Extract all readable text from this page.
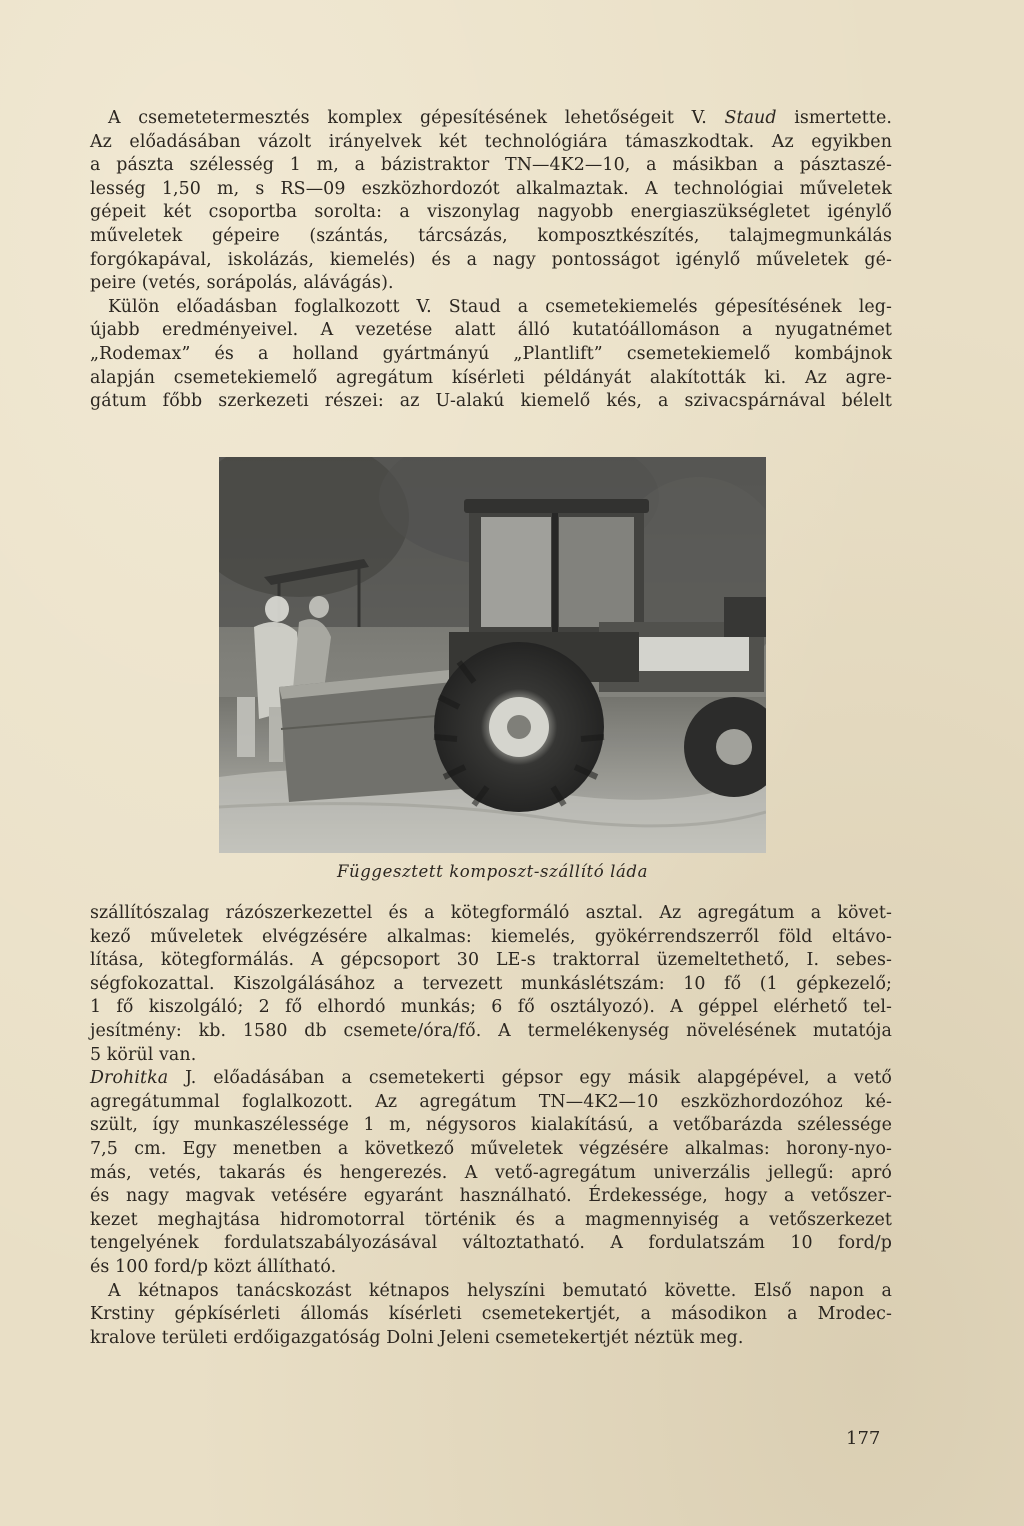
A csemetetermesztés komplex gépesítésének lehetőségeit V. Staud ismertette.
Az előadásában vázolt irányelvek két technológiára támaszkodtak. Az egyikben
a pászta szélesség 1 m, a bázistraktor TN—4K2—10, a másikban a pásztaszé-
lesség 1,50 m, s RS—09 eszközhordozót alkalmaztak. A technológiai műveletek
gépeit két csoportba sorolta: a viszonylag nagyobb energiaszükségletet igénylő
műveletek gépeire (szántás, tárcsázás, komposztkészítés, talajmegmunkálás
forgókapával, iskolázás, kiemelés) és a nagy pontosságot igénylő műveletek gé-
peire (vetés, sorápolás, alávágás).
Külön előadásban foglalkozott V. Staud a csemetekiemelés gépesítésének leg-
újabb eredményeivel. A vezetése alatt álló kutatóállomáson a nyugatnémet
„Rodemax” és a holland gyártmányú „Plantlift” csemetekiemelő kombájnok
alapján csemetekiemelő agregátum kísérleti példányát alakították ki. Az agre-
gátum főbb szerkezeti részei: az U-alakú kiemelő kés, a szivacspárnával bélelt
Függesztett komposzt-szállító láda
szállítószalag rázószerkezettel és a kötegformáló asztal. Az agregátum a követ-
kező műveletek elvégzésére alkalmas: kiemelés, gyökérrendszerről föld eltávo-
lítása, kötegformálás. A gépcsoport 30 LE-s traktorral üzemeltethető, I. sebes-
ségfokozattal. Kiszolgálásához a tervezett munkáslétszám: 10 fő (1 gépkezelő;
1 fő kiszolgáló; 2 fő elhordó munkás; 6 fő osztályozó). A géppel elérhető tel-
jesítmény: kb. 1580 db csemete/óra/fő. A termelékenység növelésének mutatója
5 körül van.
Drohitka J. előadásában a csemetekerti gépsor egy másik alapgépével, a vető
agregátummal foglalkozott. Az agregátum TN—4K2—10 eszközhordozóhoz ké-
szült, így munkaszélessége 1 m, négysoros kialakítású, a vetőbarázda szélessége
7,5 cm. Egy menetben a következő műveletek végzésére alkalmas: horony-nyo-
más, vetés, takarás és hengerezés. A vető-agregátum univerzális jellegű: apró
és nagy magvak vetésére egyaránt használható. Érdekessége, hogy a vetőszer-
kezet meghajtása hidromotorral történik és a magmennyiség a vetőszerkezet
tengelyének fordulatszabályozásával változtatható. A fordulatszám 10 ford/p
és 100 ford/p közt állítható.
A kétnapos tanácskozást kétnapos helyszíni bemutató követte. Első napon a
Krstiny gépkísérleti állomás kísérleti csemetekertjét, a másodikon a Mrodec-
kralove területi erdőigazgatóság Dolni Jeleni csemetekertjét néztük meg.
177
